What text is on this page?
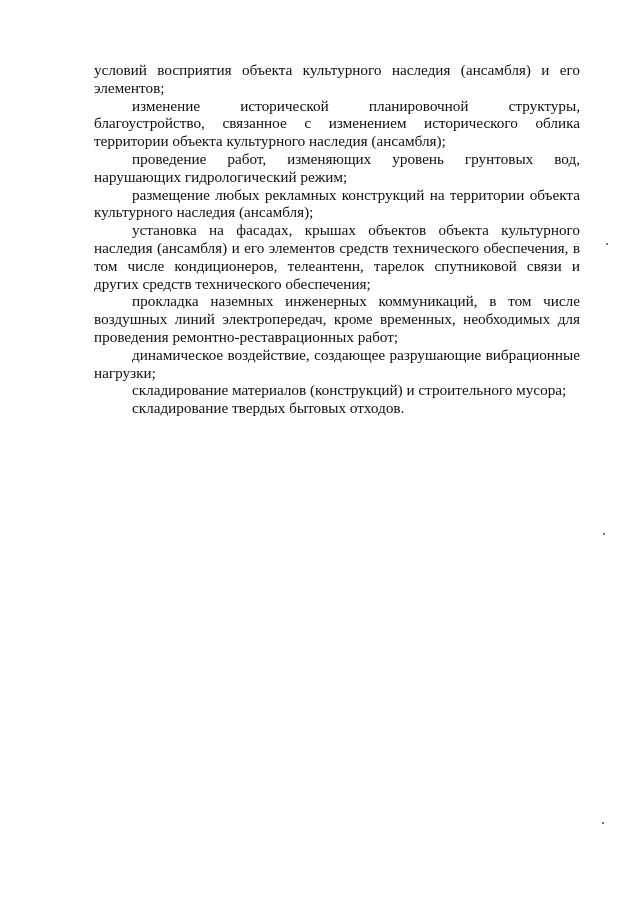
условий восприятия объекта культурного наследия (ансамбля) и его элементов;

изменение исторической планировочной структуры, благоустройство, связанное с изменением исторического облика территории объекта культурного наследия (ансамбля);

проведение работ, изменяющих уровень грунтовых вод, нарушающих гидрологический режим;

размещение любых рекламных конструкций на территории объекта культурного наследия (ансамбля);

установка на фасадах, крышах объектов объекта культурного наследия (ансамбля) и его элементов средств технического обеспечения, в том числе кондиционеров, телеантенн, тарелок спутниковой связи и других средств технического обеспечения;

прокладка наземных инженерных коммуникаций, в том числе воздушных линий электропередач, кроме временных, необходимых для проведения ремонтно-реставрационных работ;

динамическое воздействие, создающее разрушающие вибрационные нагрузки;

складирование материалов (конструкций) и строительного мусора;

складирование твердых бытовых отходов.
